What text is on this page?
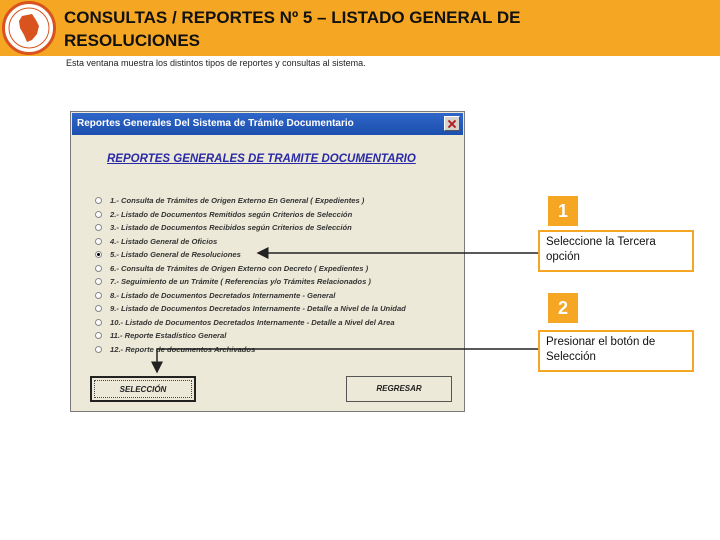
CONSULTAS / REPORTES Nº 5 – LISTADO GENERAL DE
RESOLUCIONES
Esta ventana muestra los distintos tipos de reportes y consultas al sistema.
Reportes Generales Del Sistema de Trámite Documentario
REPORTES GENERALES DE TRAMITE DOCUMENTARIO
1.- Consulta de Trámites de Origen Externo En General ( Expedientes )
2.- Listado de Documentos Remitidos según Criterios de Selección
3.- Listado de Documentos Recibidos según Criterios de Selección
4.- Listado General de Oficios
5.- Listado General de Resoluciones
6.- Consulta de Trámites de Origen Externo con Decreto ( Expedientes )
7.- Seguimiento de un Trámite ( Referencias y/o Trámites Relacionados )
8.- Listado de Documentos Decretados Internamente - General
9.- Listado de Documentos Decretados Internamente - Detalle a Nivel de la Unidad
10.- Listado de Documentos Decretados Internamente - Detalle a Nivel del Area
11.- Reporte Estadístico General
12.- Reporte de documentos Archivados
SELECCIÓN	REGRESAR
1
Seleccione la Tercera
opción
2
Presionar el botón de
Selección
